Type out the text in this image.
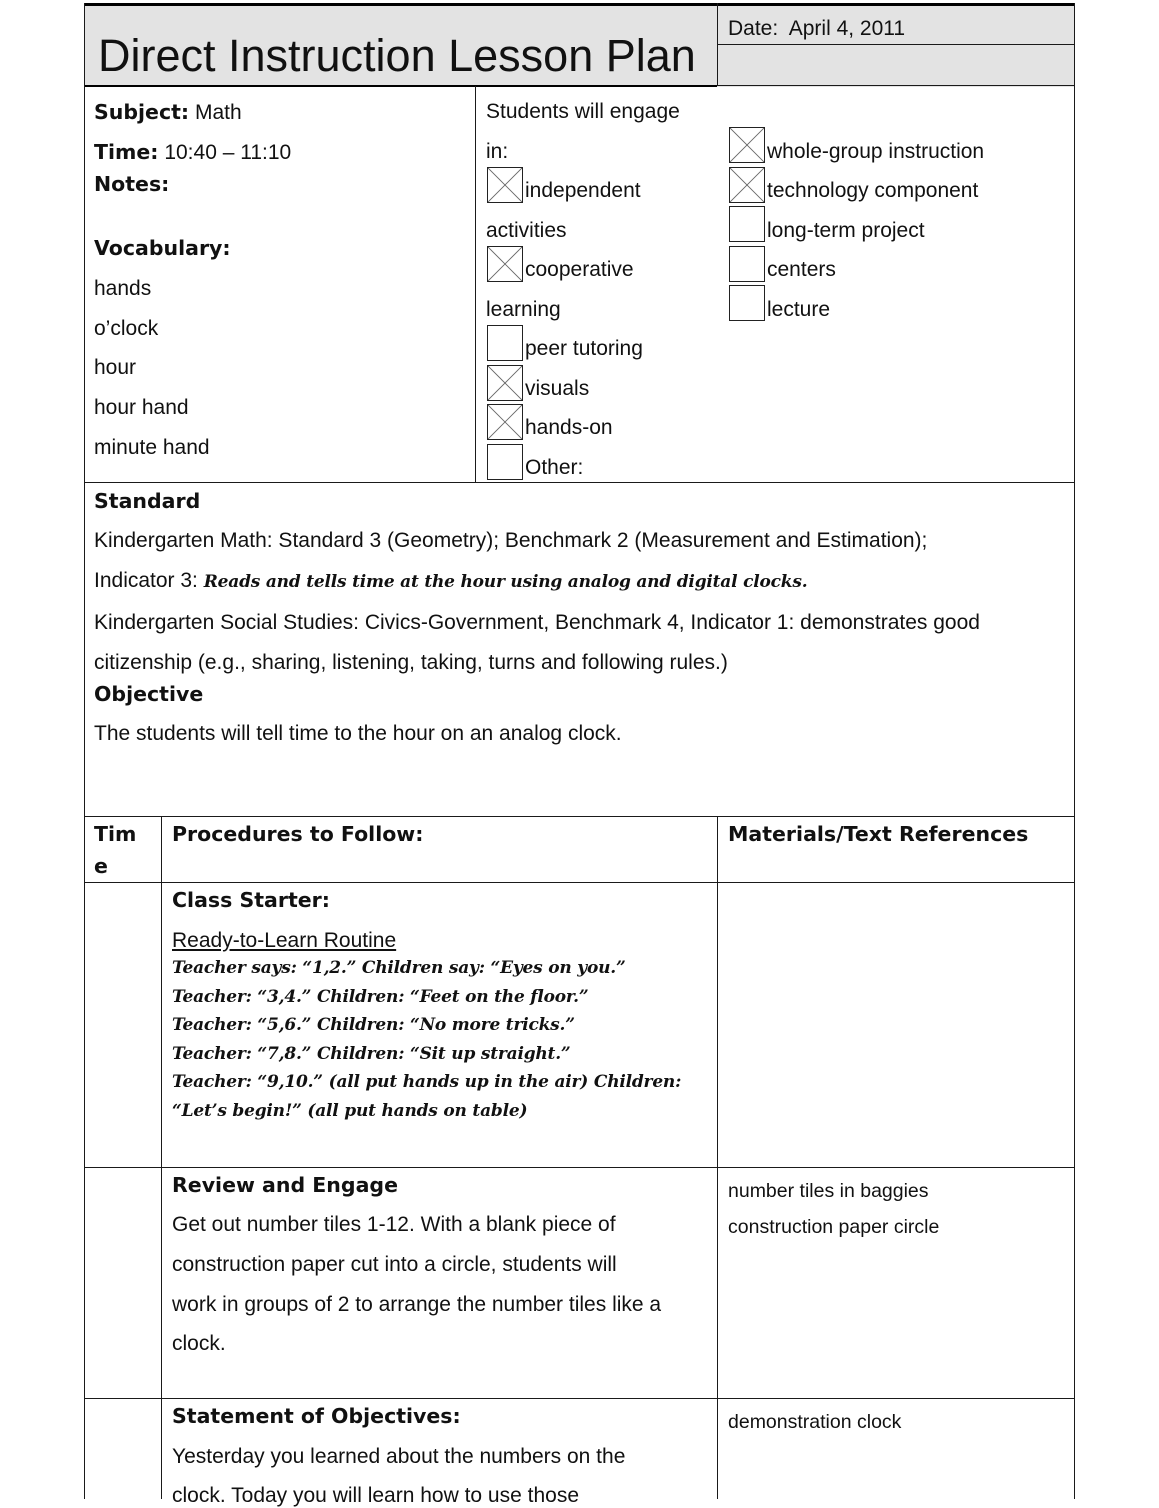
Direct Instruction Lesson Plan
Date: April 4, 2011
Subject: Math
Time: 10:40 – 11:10
Notes:
Vocabulary:
hands
o’clock
hour
hour hand
minute hand
Students will engage
in:
independent
activities
cooperative
learning
peer tutoring
visuals
hands-on
Other:
whole-group instruction
technology component
long-term project
centers
lecture
Standard
Kindergarten Math: Standard 3 (Geometry); Benchmark 2 (Measurement and Estimation);
Indicator 3: Reads and tells time at the hour using analog and digital clocks.
Kindergarten Social Studies: Civics-Government, Benchmark 4, Indicator 1: demonstrates good
citizenship (e.g., sharing, listening, taking, turns and following rules.)
Objective
The students will tell time to the hour on an analog clock.
Tim
e
Procedures to Follow:	Materials/Text References
Class Starter:
Ready-to-Learn Routine
Teacher says: “1,2.” Children say: “Eyes on you.”
Teacher: “3,4.” Children: “Feet on the floor.”
Teacher: “5,6.” Children: “No more tricks.”
Teacher: “7,8.” Children: “Sit up straight.”
Teacher: “9,10.” (all put hands up in the air) Children:
“Let’s begin!” (all put hands on table)
Review and Engage
Get out number tiles 1-12. With a blank piece of
construction paper cut into a circle, students will
work in groups of 2 to arrange the number tiles like a
clock.
number tiles in baggies
construction paper circle
Statement of Objectives:
Yesterday you learned about the numbers on the
clock. Today you will learn how to use those
demonstration clock
